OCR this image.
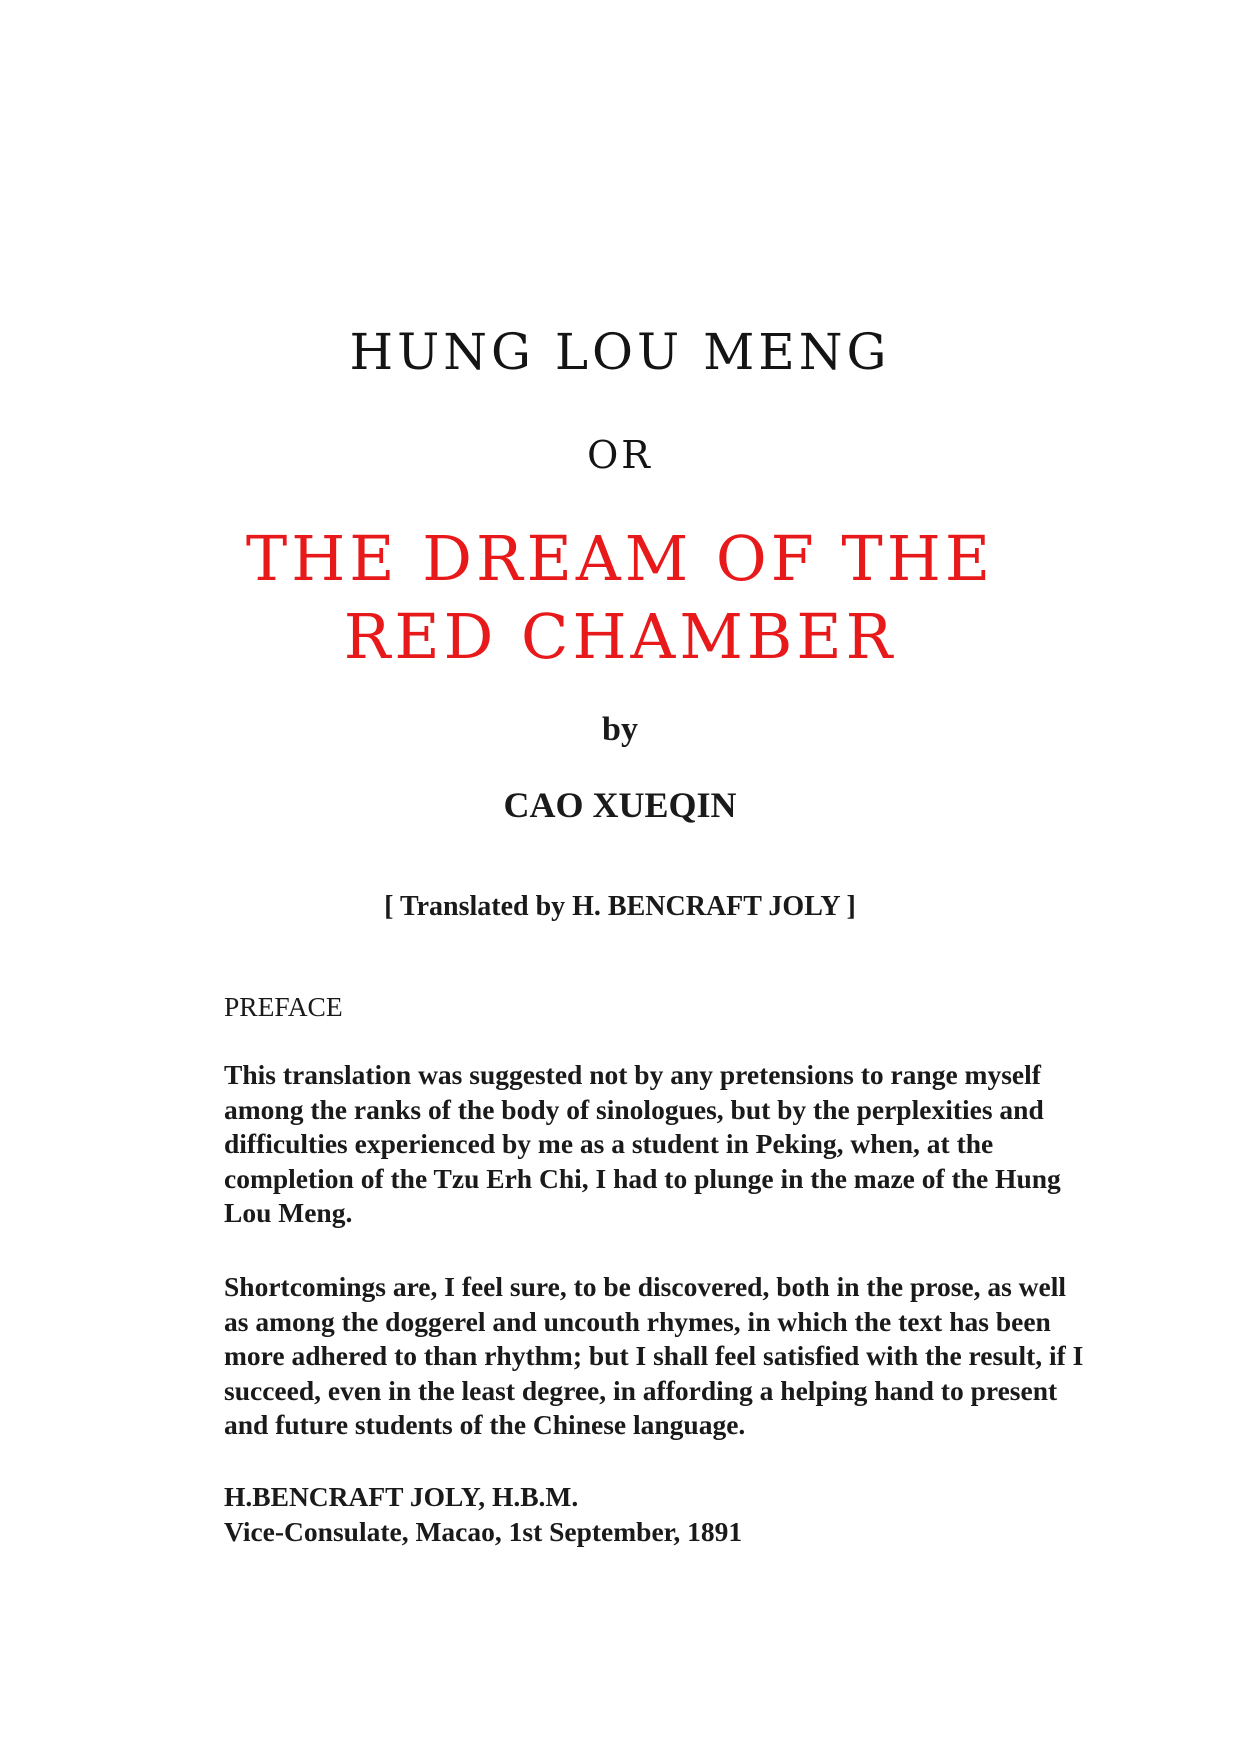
HUNG LOU MENG
OR
THE DREAM OF THE
RED CHAMBER
by
CAO XUEQIN
[ Translated by H. BENCRAFT JOLY ]
PREFACE

This translation was suggested not by any pretensions to range myself among the ranks of the body of sinologues, but by the perplexities and difficulties experienced by me as a student in Peking, when, at the completion of the Tzu Erh Chi, I had to plunge in the maze of the Hung Lou Meng.

Shortcomings are, I feel sure, to be discovered, both in the prose, as well as among the doggerel and uncouth rhymes, in which the text has been more adhered to than rhythm; but I shall feel satisfied with the result, if I succeed, even in the least degree, in affording a helping hand to present and future students of the Chinese language.

H.BENCRAFT JOLY, H.B.M.
Vice-Consulate, Macao, 1st September, 1891
